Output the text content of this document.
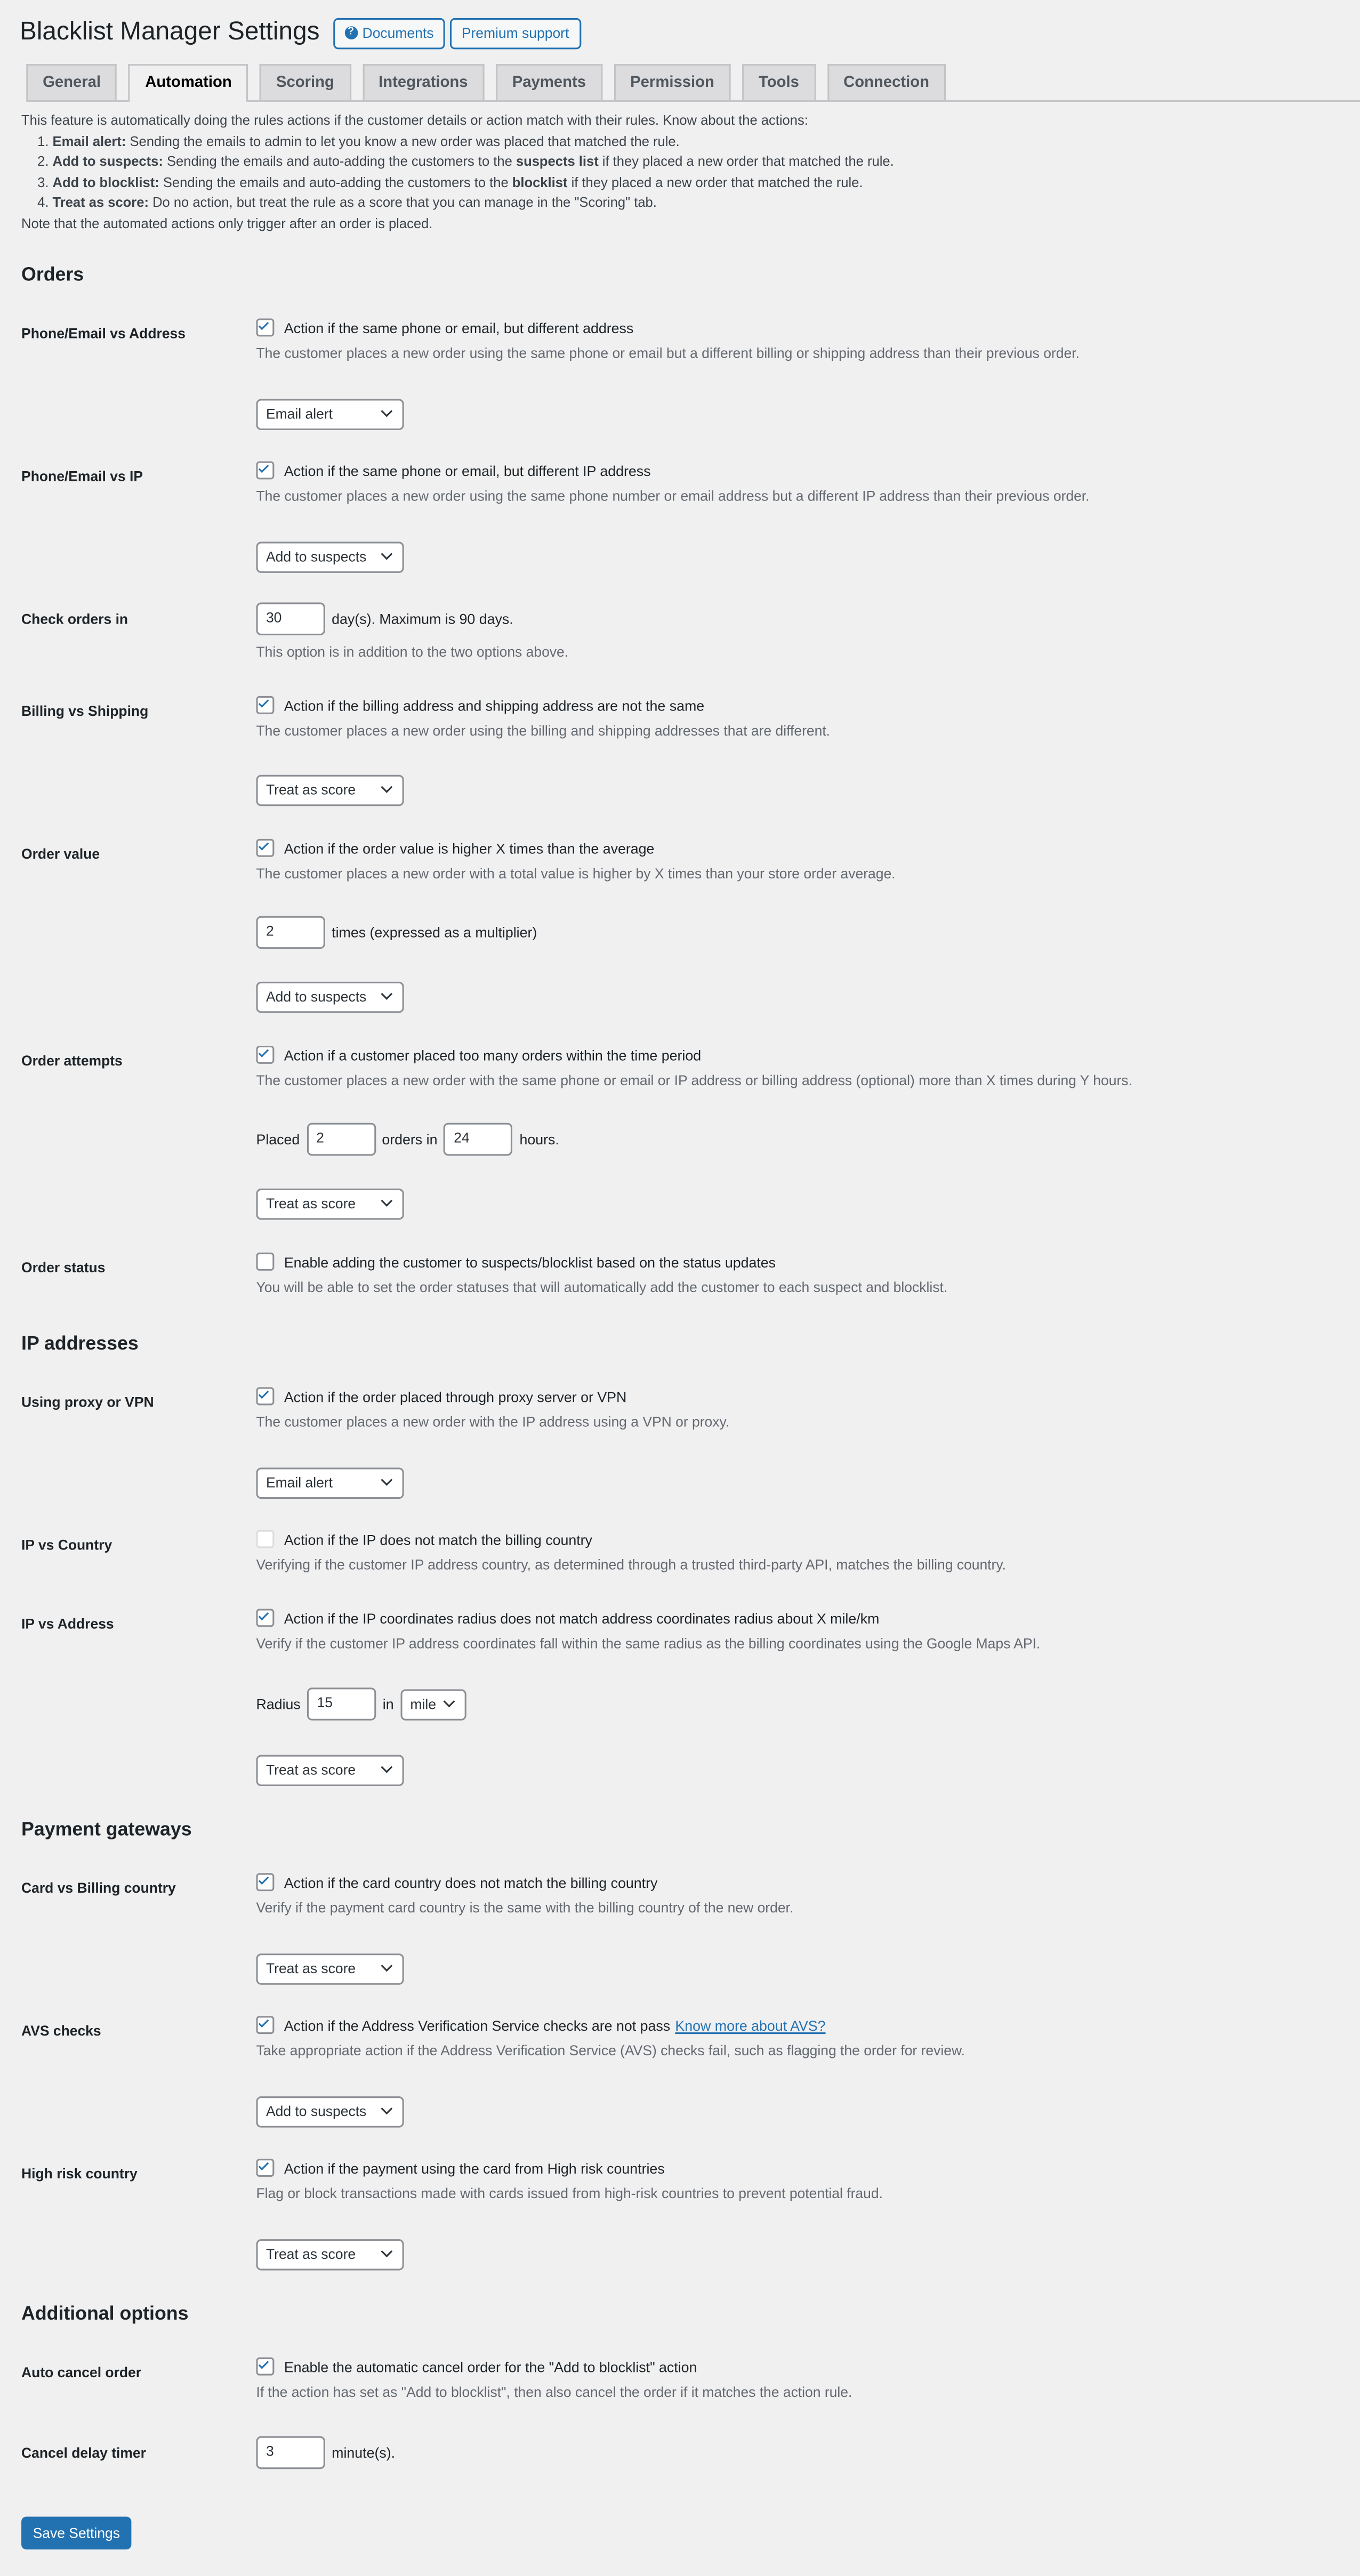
Blacklist Manager Settings	?	Documents	Premium support
General	Automation	Scoring	Integrations	Payments	Permission	Tools	Connection

This feature is automatically doing the rules actions if the customer details or action match with their rules. Know about the actions:

1. Email alert: Sending the emails to admin to let you know a new order was placed that matched the rule.
2. Add to suspects: Sending the emails and auto-adding the customers to the suspects list if they placed a new order that matched the rule.
3. Add to blocklist: Sending the emails and auto-adding the customers to the blocklist if they placed a new order that matched the rule.
4. Treat as score: Do no action, but treat the rule as a score that you can manage in the "Scoring" tab.

Note that the automated actions only trigger after an order is placed.

Orders
Phone/Email vs Address	Action if the same phone or email, but different address
The customer places a new order using the same phone or email but a different billing or shipping address than their previous order.
Email alert
Phone/Email vs IP	Action if the same phone or email, but different IP address
The customer places a new order using the same phone number or email address but a different IP address than their previous order.
Add to suspects
Check orders in	30	day(s). Maximum is 90 days.
This option is in addition to the two options above.
Billing vs Shipping	Action if the billing address and shipping address are not the same
The customer places a new order using the billing and shipping addresses that are different.
Treat as score
Order value	Action if the order value is higher X times than the average
The customer places a new order with a total value is higher by X times than your store order average.
2	times (expressed as a multiplier)
Add to suspects
Order attempts	Action if a customer placed too many orders within the time period
The customer places a new order with the same phone or email or IP address or billing address (optional) more than X times during Y hours.
Placed	2	orders in	24	hours.
Treat as score
Order status	Enable adding the customer to suspects/blocklist based on the status updates
You will be able to set the order statuses that will automatically add the customer to each suspect and blocklist.
IP addresses
Using proxy or VPN	Action if the order placed through proxy server or VPN
The customer places a new order with the IP address using a VPN or proxy.
Email alert
IP vs Country	Action if the IP does not match the billing country
Verifying if the customer IP address country, as determined through a trusted third-party API, matches the billing country.
IP vs Address	Action if the IP coordinates radius does not match address coordinates radius about X mile/km
Verify if the customer IP address coordinates fall within the same radius as the billing coordinates using the Google Maps API.
Radius	15	in	mile
Treat as score
Payment gateways
Card vs Billing country	Action if the card country does not match the billing country
Verify if the payment card country is the same with the billing country of the new order.
Treat as score
AVS checks	Action if the Address Verification Service checks are not pass Know more about AVS?
Take appropriate action if the Address Verification Service (AVS) checks fail, such as flagging the order for review.
Add to suspects
High risk country	Action if the payment using the card from High risk countries
Flag or block transactions made with cards issued from high-risk countries to prevent potential fraud.
Treat as score
Additional options
Auto cancel order	Enable the automatic cancel order for the "Add to blocklist" action
If the action has set as "Add to blocklist", then also cancel the order if it matches the action rule.
Cancel delay timer	3	minute(s).
Save Settings
